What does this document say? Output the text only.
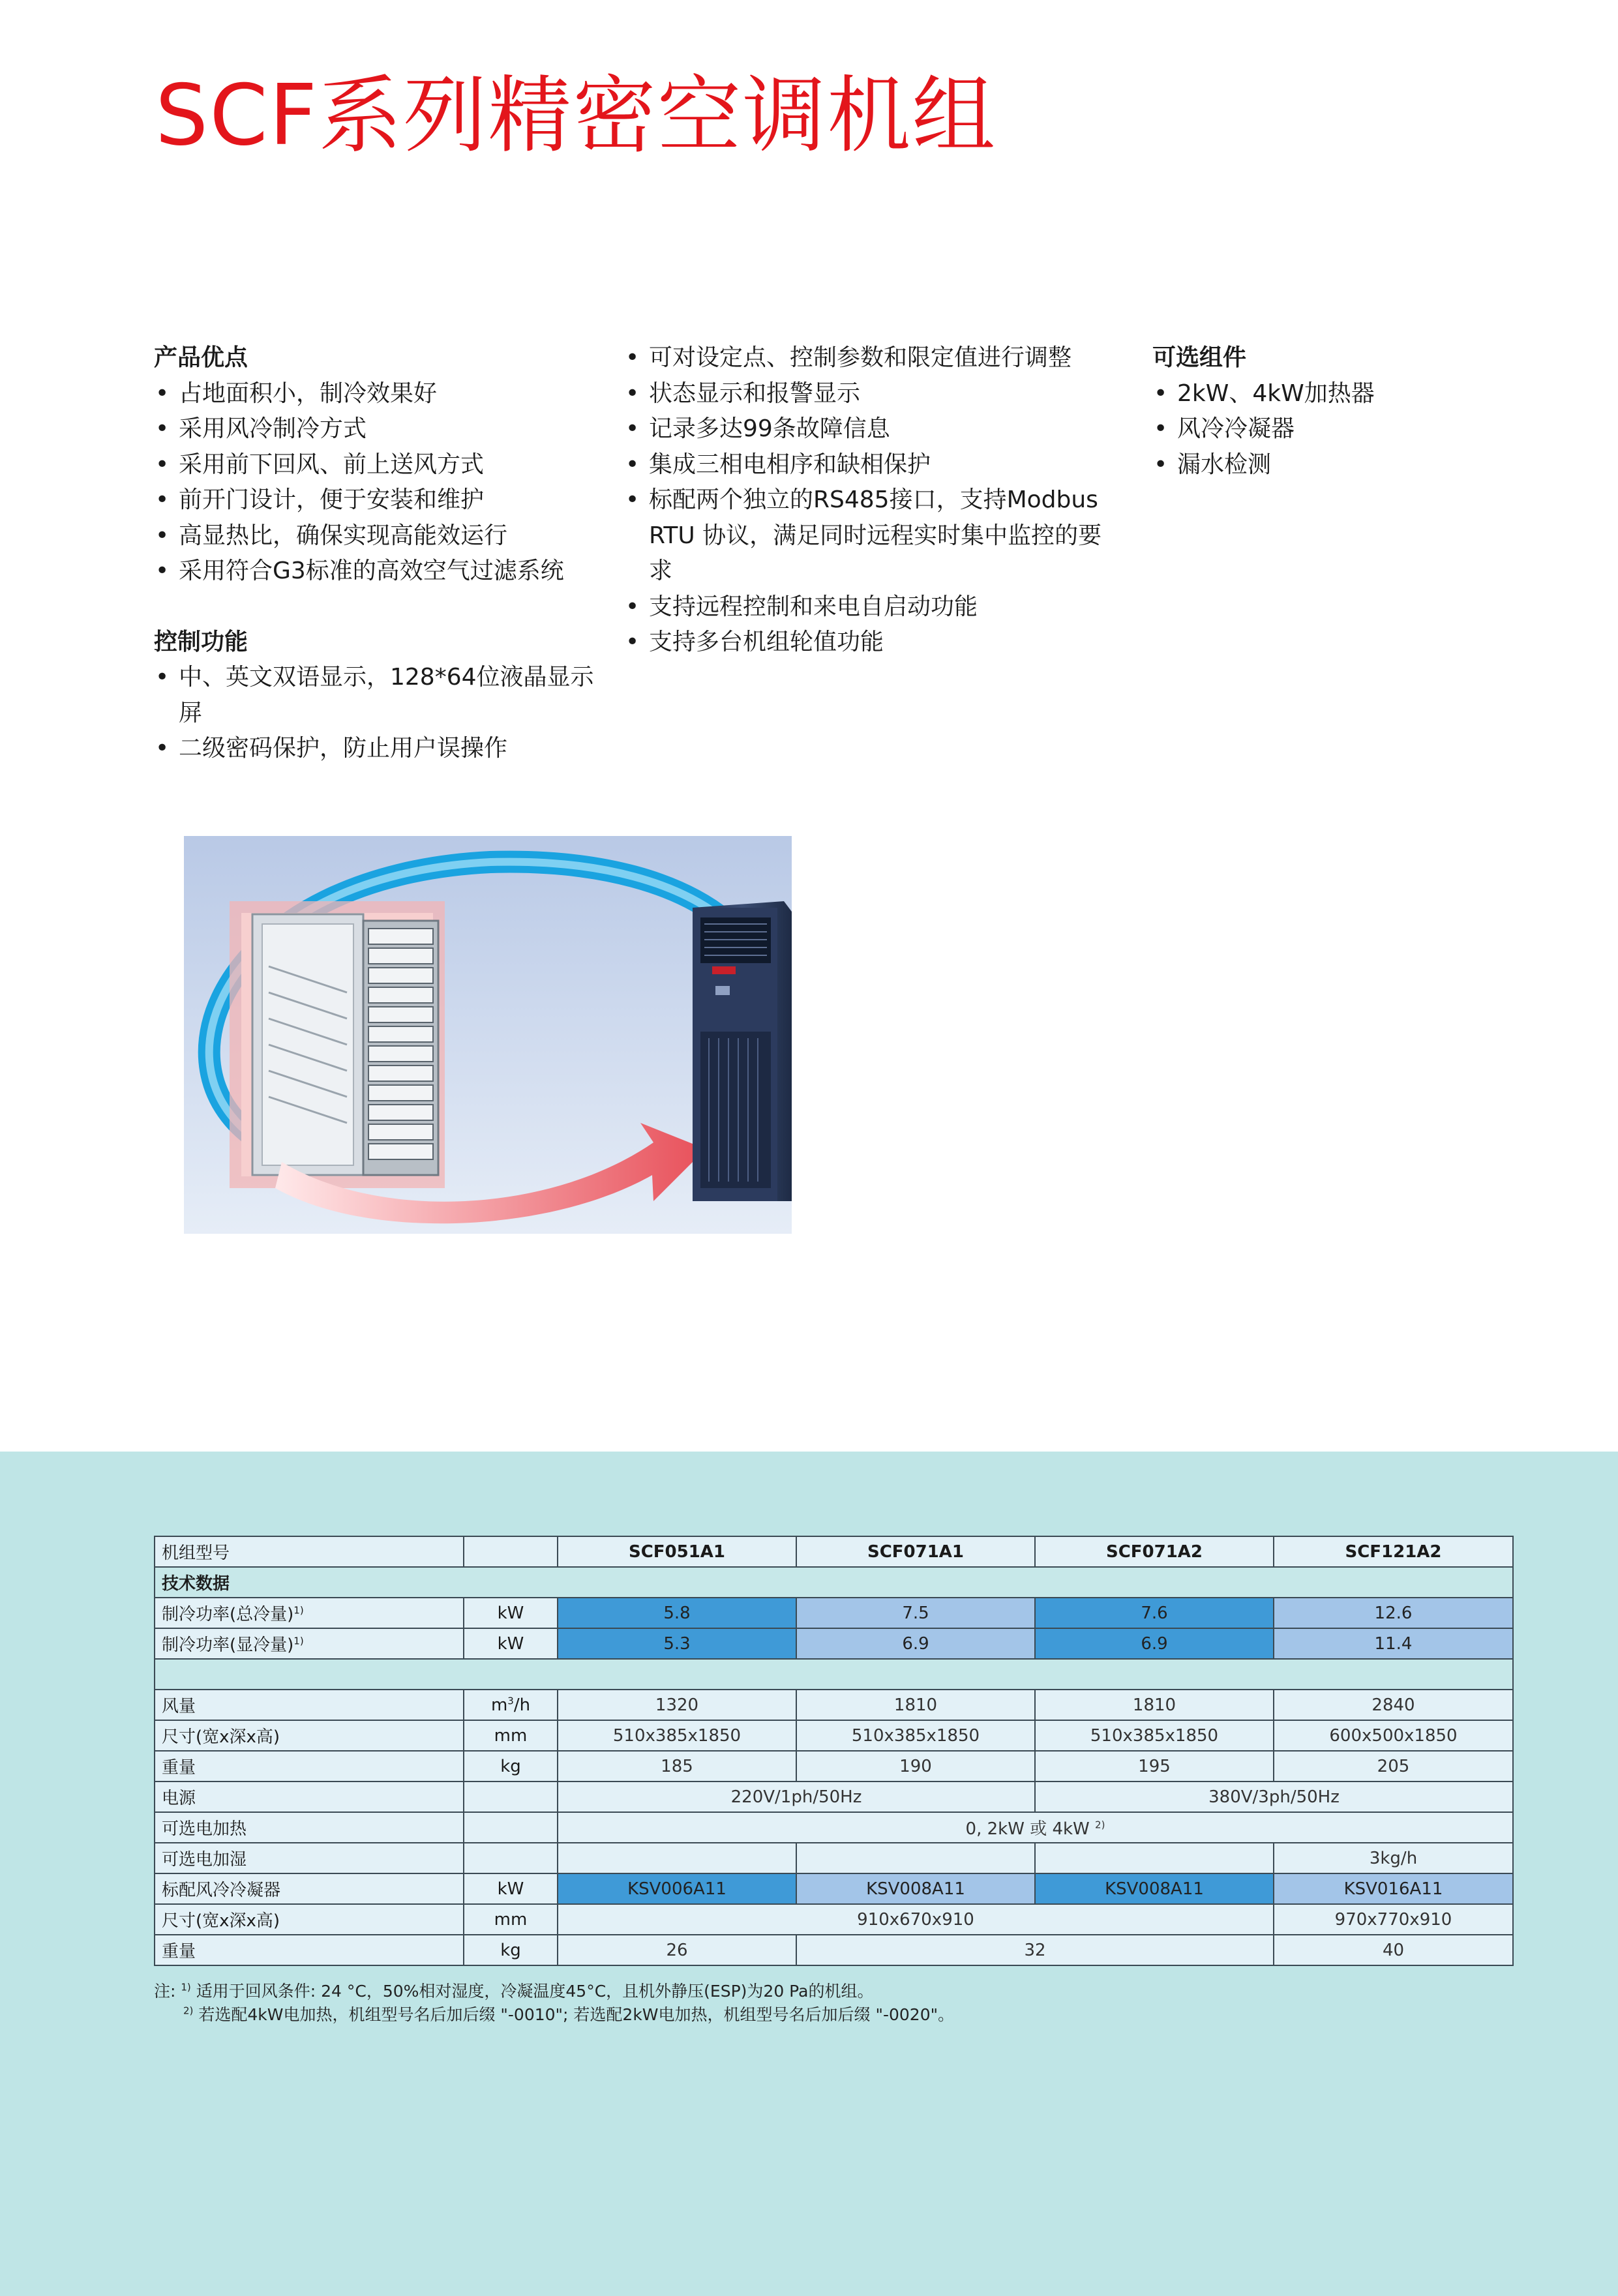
SCF系列精密空调机组
产品优点
• 占地面积小，制冷效果好
• 采用风冷制冷方式
• 采用前下回风、前上送风方式
• 前开门设计，便于安装和维护
• 高显热比，确保实现高能效运行
• 采用符合G3标准的高效空气过滤系统
控制功能
• 中、英文双语显示，128*64位液晶显示屏
• 二级密码保护，防止用户误操作
• 可对设定点、控制参数和限定值进行调整
• 状态显示和报警显示
• 记录多达99条故障信息
• 集成三相电相序和缺相保护
• 标配两个独立的RS485接口，支持Modbus RTU 协议，满足同时远程实时集中监控的要求
• 支持远程控制和来电自启动功能
• 支持多台机组轮值功能
可选组件
• 2kW、4kW加热器
• 风冷冷凝器
• 漏水检测
机组型号		SCF051A1	SCF071A1	SCF071A2	SCF121A2
技术数据					
制冷功率(总冷量)$^{1)}$	kW	5.8	7.5	7.6	12.6
制冷功率(显冷量)$^{1)}$	kW	5.3	6.9	6.9	11.4

风量	$m^3/h$	1320	1810	1810	2840
尺寸(宽x深x高)	mm	510x385x1850	510x385x1850	510x385x1850	600x500x1850
重量	kg	185	190	195	205
电源		220V/1ph/50Hz		380V/3ph/50Hz	
可选电加热		0, 2kW 或 4kW $^{2)}$
可选电加湿					3kg/h
标配风冷冷凝器	kW	KSV006A11	KSV008A11	KSV008A11	KSV016A11
尺寸(宽x深x高)	mm	910x670x910			970x770x910
重量	kg	26	32		40
注: $^{1)}$ 适用于回风条件: 24 °C，50%相对湿度，冷凝温度45°C，且机外静压(ESP)为20 Pa的机组。
$^{2)}$ 若选配4kW电加热，机组型号名后加后缀 "-0010"; 若选配2kW电加热，机组型号名后加后缀 "-0020"。
